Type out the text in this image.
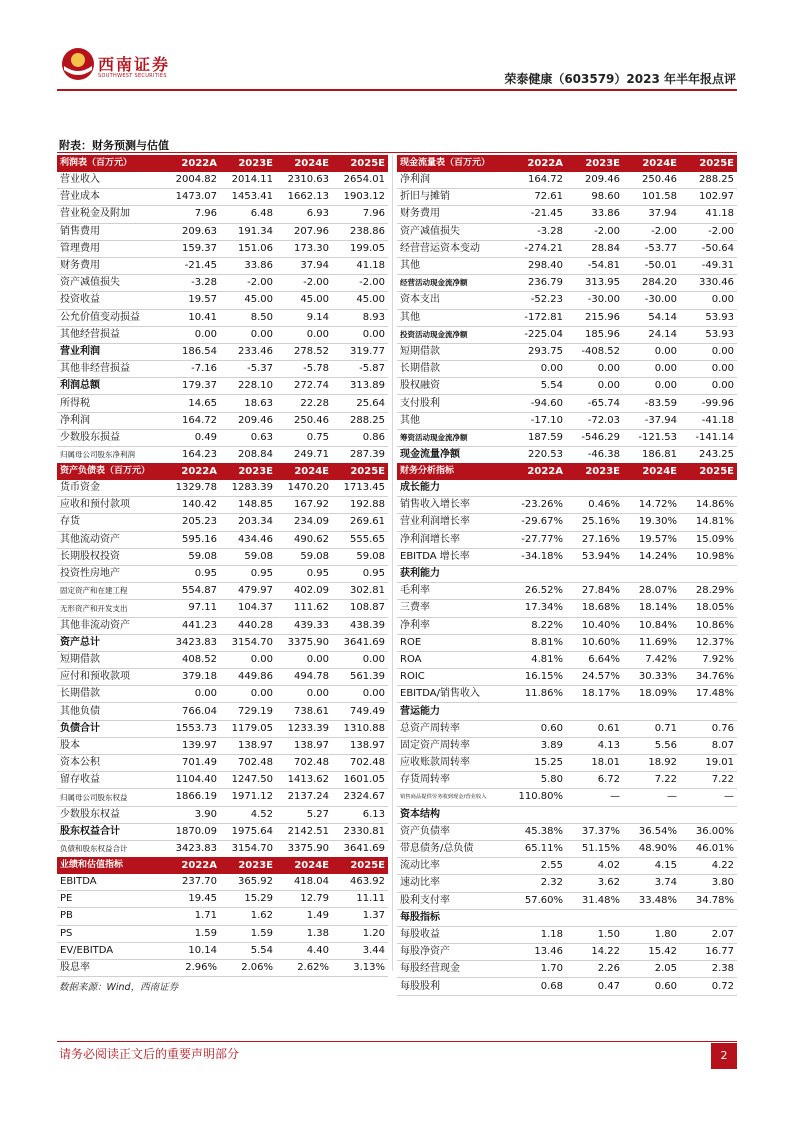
西南证券
SOUTHWEST SECURITIES	荣泰健康（603579）2023 年半年报点评
附表：财务预测与估值
利润表（百万元）	2022A	2023E	2024E	2025E
营业收入	2004.82	2014.11	2310.63	2654.01
营业成本	1473.07	1453.41	1662.13	1903.12
营业税金及附加	7.96	6.48	6.93	7.96
销售费用	209.63	191.34	207.96	238.86
管理费用	159.37	151.06	173.30	199.05
财务费用	-21.45	33.86	37.94	41.18
资产减值损失	-3.28	-2.00	-2.00	-2.00
投资收益	19.57	45.00	45.00	45.00
公允价值变动损益	10.41	8.50	9.14	8.93
其他经营损益	0.00	0.00	0.00	0.00
营业利润	186.54	233.46	278.52	319.77
其他非经营损益	-7.16	-5.37	-5.78	-5.87
利润总额	179.37	228.10	272.74	313.89
所得税	14.65	18.63	22.28	25.64
净利润	164.72	209.46	250.46	288.25
少数股东损益	0.49	0.63	0.75	0.86
归属母公司股东净利润	164.23	208.84	249.71	287.39
现金流量表（百万元）	2022A	2023E	2024E	2025E
净利润	164.72	209.46	250.46	288.25
折旧与摊销	72.61	98.60	101.58	102.97
财务费用	-21.45	33.86	37.94	41.18
资产减值损失	-3.28	-2.00	-2.00	-2.00
经营营运资本变动	-274.21	28.84	-53.77	-50.64
其他	298.40	-54.81	-50.01	-49.31
经营活动现金流净额	236.79	313.95	284.20	330.46
资本支出	-52.23	-30.00	-30.00	0.00
其他	-172.81	215.96	54.14	53.93
投资活动现金流净额	-225.04	185.96	24.14	53.93
短期借款	293.75	-408.52	0.00	0.00
长期借款	0.00	0.00	0.00	0.00
股权融资	5.54	0.00	0.00	0.00
支付股利	-94.60	-65.74	-83.59	-99.96
其他	-17.10	-72.03	-37.94	-41.18
筹资活动现金流净额	187.59	-546.29	-121.53	-141.14
现金流量净额	220.53	-46.38	186.81	243.25
资产负债表（百万元）	2022A	2023E	2024E	2025E
货币资金	1329.78	1283.39	1470.20	1713.45
应收和预付款项	140.42	148.85	167.92	192.88
存货	205.23	203.34	234.09	269.61
其他流动资产	595.16	434.46	490.62	555.65
长期股权投资	59.08	59.08	59.08	59.08
投资性房地产	0.95	0.95	0.95	0.95
固定资产和在建工程	554.87	479.97	402.09	302.81
无形资产和开发支出	97.11	104.37	111.62	108.87
其他非流动资产	441.23	440.28	439.33	438.39
资产总计	3423.83	3154.70	3375.90	3641.69
短期借款	408.52	0.00	0.00	0.00
应付和预收款项	379.18	449.86	494.78	561.39
长期借款	0.00	0.00	0.00	0.00
其他负债	766.04	729.19	738.61	749.49
负债合计	1553.73	1179.05	1233.39	1310.88
股本	139.97	138.97	138.97	138.97
资本公积	701.49	702.48	702.48	702.48
留存收益	1104.40	1247.50	1413.62	1601.05
归属母公司股东权益	1866.19	1971.12	2137.24	2324.67
少数股东权益	3.90	4.52	5.27	6.13
股东权益合计	1870.09	1975.64	2142.51	2330.81
负债和股东权益合计	3423.83	3154.70	3375.90	3641.69
财务分析指标	2022A	2023E	2024E	2025E
成长能力				
销售收入增长率	-23.26%	0.46%	14.72%	14.86%
营业利润增长率	-29.67%	25.16%	19.30%	14.81%
净利润增长率	-27.77%	27.16%	19.57%	15.09%
EBITDA 增长率	-34.18%	53.94%	14.24%	10.98%
获利能力				
毛利率	26.52%	27.84%	28.07%	28.29%
三费率	17.34%	18.68%	18.14%	18.05%
净利率	8.22%	10.40%	10.84%	10.86%
ROE	8.81%	10.60%	11.69%	12.37%
ROA	4.81%	6.64%	7.42%	7.92%
ROIC	16.15%	24.57%	30.33%	34.76%
EBITDA/销售收入	11.86%	18.17%	18.09%	17.48%
营运能力				
总资产周转率	0.60	0.61	0.71	0.76
固定资产周转率	3.89	4.13	5.56	8.07
应收账款周转率	15.25	18.01	18.92	19.01
存货周转率	5.80	6.72	7.22	7.22
销售商品提供劳务收到现金/营业收入	110.80%	—	—	—
资本结构				
资产负债率	45.38%	37.37%	36.54%	36.00%
带息债务/总负债	65.11%	51.15%	48.90%	46.01%
流动比率	2.55	4.02	4.15	4.22
速动比率	2.32	3.62	3.74	3.80
股利支付率	57.60%	31.48%	33.48%	34.78%
每股指标				
每股收益	1.18	1.50	1.80	2.07
每股净资产	13.46	14.22	15.42	16.77
每股经营现金	1.70	2.26	2.05	2.38
每股股利	0.68	0.47	0.60	0.72
业绩和估值指标	2022A	2023E	2024E	2025E
EBITDA	237.70	365.92	418.04	463.92
PE	19.45	15.29	12.79	11.11
PB	1.71	1.62	1.49	1.37
PS	1.59	1.59	1.38	1.20
EV/EBITDA	10.14	5.54	4.40	3.44
股息率	2.96%	2.06%	2.62%	3.13%
数据来源：Wind，西南证券
请务必阅读正文后的重要声明部分	2
